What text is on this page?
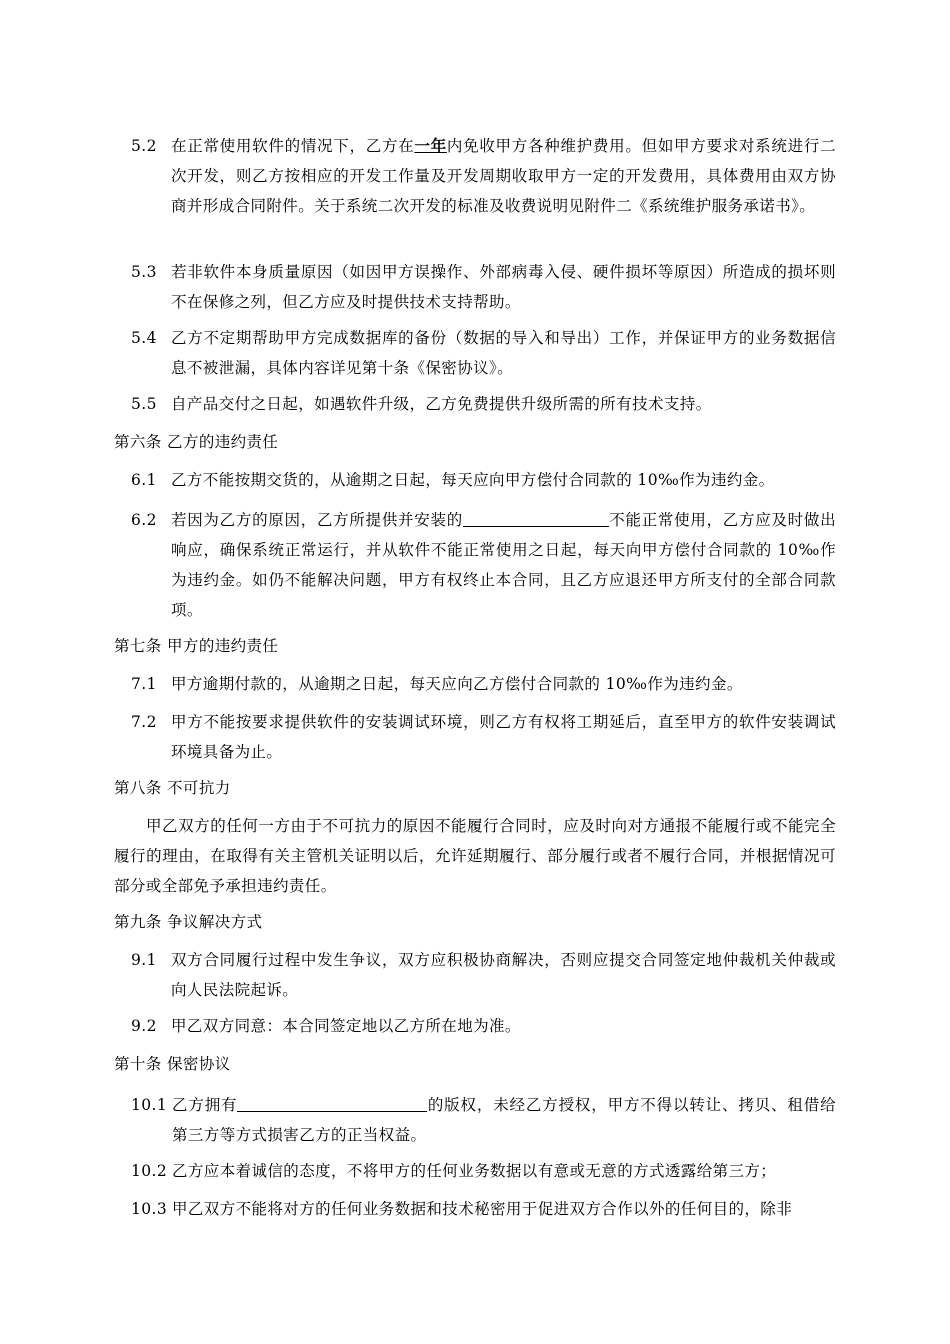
5.2 在正常使用软件的情况下，乙方在一年内免收甲方各种维护费用。但如甲方要求对系统进行二次开发，则乙方按相应的开发工作量及开发周期收取甲方一定的开发费用，具体费用由双方协商并形成合同附件。关于系统二次开发的标准及收费说明见附件二《系统维护服务承诺书》。
5.3 若非软件本身质量原因（如因甲方误操作、外部病毒入侵、硬件损坏等原因）所造成的损坏则不在保修之列，但乙方应及时提供技术支持帮助。
5.4 乙方不定期帮助甲方完成数据库的备份（数据的导入和导出）工作，并保证甲方的业务数据信息不被泄漏，具体内容详见第十条《保密协议》。
5.5 自产品交付之日起，如遇软件升级，乙方免费提供升级所需的所有技术支持。
第六条 乙方的违约责任
6.1 乙方不能按期交货的，从逾期之日起，每天应向甲方偿付合同款的 10‰作为违约金。
6.2 若因为乙方的原因，乙方所提供并安装的	不能正常使用，乙方应及时做出响应，确保系统正常运行，并从软件不能正常使用之日起，每天向甲方偿付合同款的 10‰作为违约金。如仍不能解决问题，甲方有权终止本合同，且乙方应退还甲方所支付的全部合同款项。
第七条 甲方的违约责任
7.1 甲方逾期付款的，从逾期之日起，每天应向乙方偿付合同款的 10‰作为违约金。
7.2 甲方不能按要求提供软件的安装调试环境，则乙方有权将工期延后，直至甲方的软件安装调试环境具备为止。
第八条 不可抗力
甲乙双方的任何一方由于不可抗力的原因不能履行合同时，应及时向对方通报不能履行或不能完全履行的理由，在取得有关主管机关证明以后，允许延期履行、部分履行或者不履行合同，并根据情况可部分或全部免予承担违约责任。
第九条 争议解决方式
9.1 双方合同履行过程中发生争议，双方应积极协商解决，否则应提交合同签定地仲裁机关仲裁或向人民法院起诉。
9.2 甲乙双方同意：本合同签定地以乙方所在地为准。
第十条 保密协议
10.1 乙方拥有	的版权，未经乙方授权，甲方不得以转让、拷贝、租借给第三方等方式损害乙方的正当权益。
10.2 乙方应本着诚信的态度，不将甲方的任何业务数据以有意或无意的方式透露给第三方；
10.3 甲乙双方不能将对方的任何业务数据和技术秘密用于促进双方合作以外的任何目的，除非
